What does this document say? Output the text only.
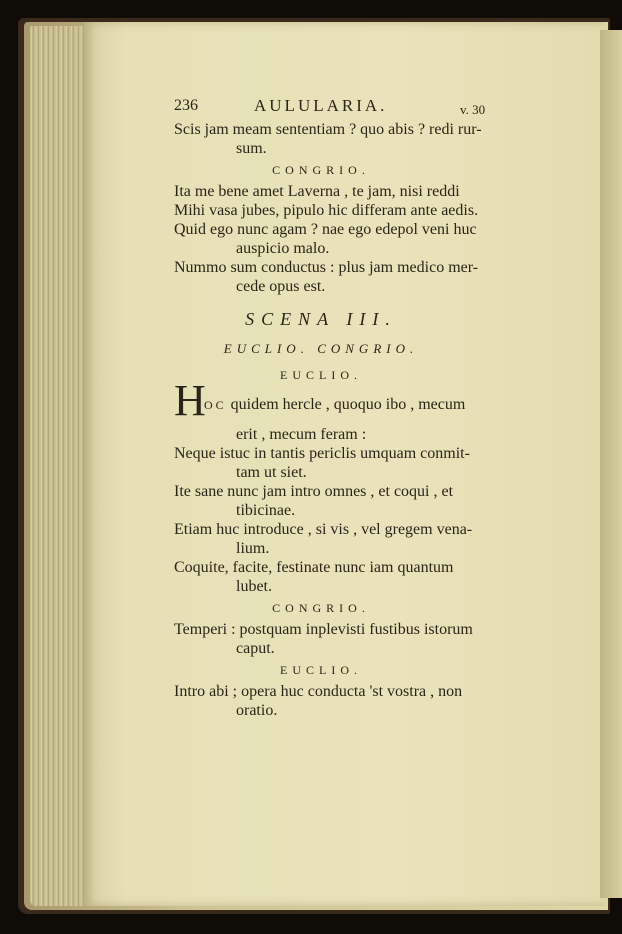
236	AULULARIA.	v. 30
Scis jam meam sententiam ? quo abis ? redi rur-
sum.
CONGRIO.
Ita me bene amet Laverna , te jam, nisi reddi
Mihi vasa jubes, pipulo hic differam ante aedis.
Quid ego nunc agam ? nae ego edepol veni huc
auspicio malo.
Nummo sum conductus : plus jam medico mer-
cede opus est.
SCENA III.
EUCLIO. CONGRIO.
EUCLIO.
H
OC quidem hercle , quoquo ibo , mecum
erit , mecum feram :
Neque istuc in tantis periclis umquam conmit-
tam ut siet.
Ite sane nunc jam intro omnes , et coqui , et
tibicinae.
Etiam huc introduce , si vis , vel gregem vena-
lium.
Coquite, facite, festinate nunc iam quantum
lubet.
CONGRIO.
Temperi : postquam inplevisti fustibus istorum
caput.
EUCLIO.
Intro abi ; opera huc conducta 'st vostra , non
oratio.
